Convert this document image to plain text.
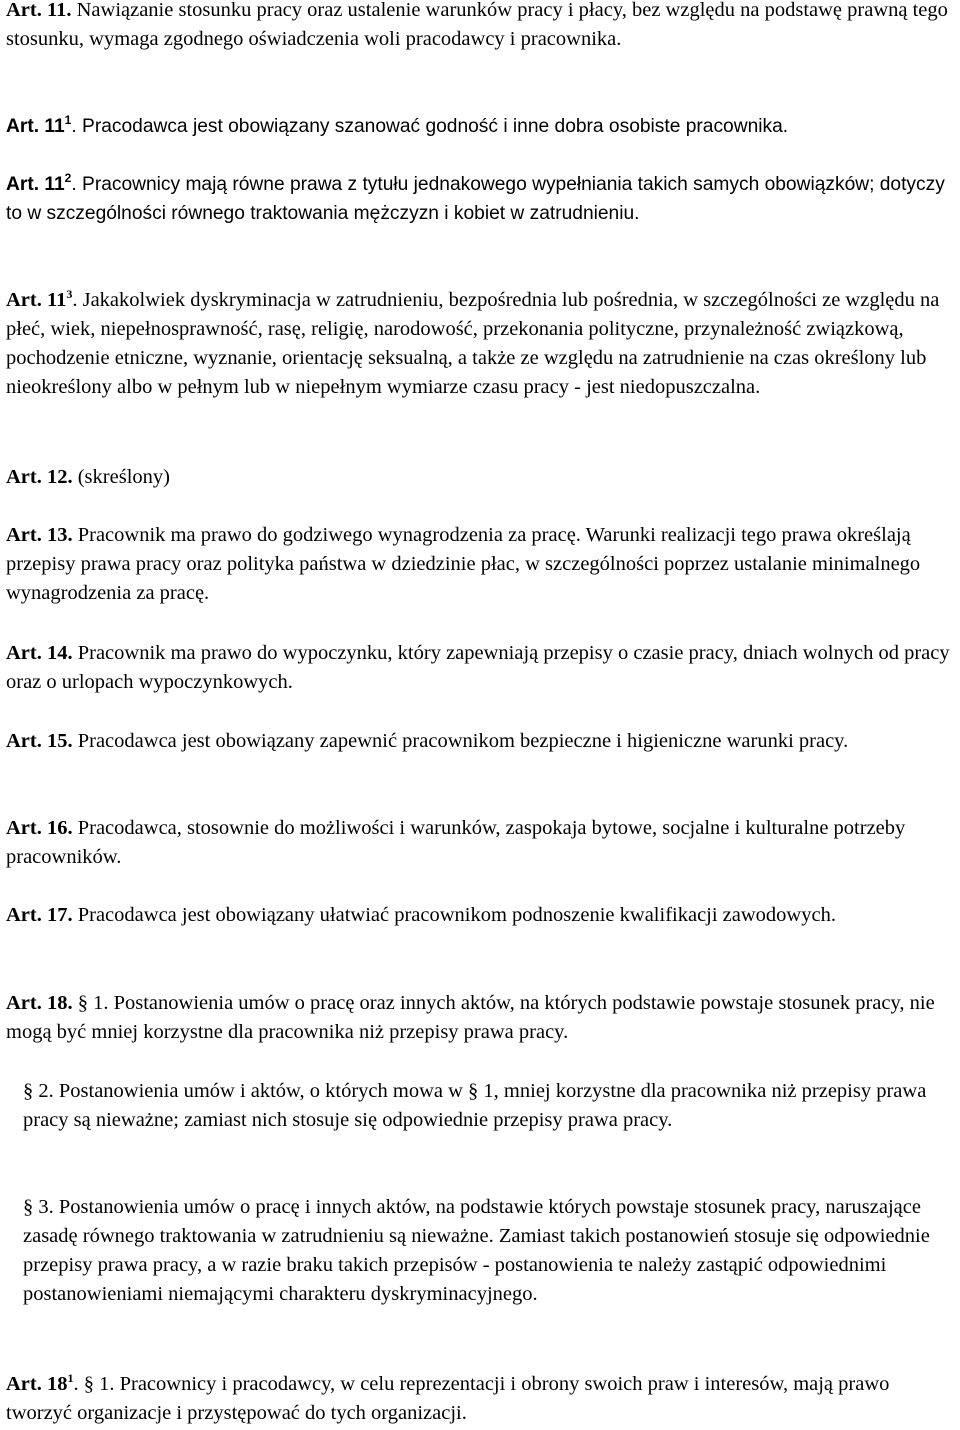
Art. 11. Nawiązanie stosunku pracy oraz ustalenie warunków pracy i płacy, bez względu na podstawę prawną tego stosunku, wymaga zgodnego oświadczenia woli pracodawcy i pracownika.

Art. $11^1$. Pracodawca jest obowiązany szanować godność i inne dobra osobiste pracownika.

Art. $11^2$. Pracownicy mają równe prawa z tytułu jednakowego wypełniania takich samych obowiązków; dotyczy to w szczególności równego traktowania mężczyzn i kobiet w zatrudnieniu.

Art. $11^3$. Jakakolwiek dyskryminacja w zatrudnieniu, bezpośrednia lub pośrednia, w szczególności ze względu na płeć, wiek, niepełnosprawność, rasę, religię, narodowość, przekonania polityczne, przynależność związkową, pochodzenie etniczne, wyznanie, orientację seksualną, a także ze względu na zatrudnienie na czas określony lub nieokreślony albo w pełnym lub w niepełnym wymiarze czasu pracy - jest niedopuszczalna.

Art. 12. (skreślony)

Art. 13. Pracownik ma prawo do godziwego wynagrodzenia za pracę. Warunki realizacji tego prawa określają przepisy prawa pracy oraz polityka państwa w dziedzinie płac, w szczególności poprzez ustalanie minimalnego wynagrodzenia za pracę.

Art. 14. Pracownik ma prawo do wypoczynku, który zapewniają przepisy o czasie pracy, dniach wolnych od pracy oraz o urlopach wypoczynkowych.

Art. 15. Pracodawca jest obowiązany zapewnić pracownikom bezpieczne i higieniczne warunki pracy.

Art. 16. Pracodawca, stosownie do możliwości i warunków, zaspokaja bytowe, socjalne i kulturalne potrzeby pracowników.

Art. 17. Pracodawca jest obowiązany ułatwiać pracownikom podnoszenie kwalifikacji zawodowych.

Art. 18. § 1. Postanowienia umów o pracę oraz innych aktów, na których podstawie powstaje stosunek pracy, nie mogą być mniej korzystne dla pracownika niż przepisy prawa pracy.

§ 2. Postanowienia umów i aktów, o których mowa w § 1, mniej korzystne dla pracownika niż przepisy prawa pracy są nieważne; zamiast nich stosuje się odpowiednie przepisy prawa pracy.

§ 3. Postanowienia umów o pracę i innych aktów, na podstawie których powstaje stosunek pracy, naruszające zasadę równego traktowania w zatrudnieniu są nieważne. Zamiast takich postanowień stosuje się odpowiednie przepisy prawa pracy, a w razie braku takich przepisów - postanowienia te należy zastąpić odpowiednimi postanowieniami niemającymi charakteru dyskryminacyjnego.

Art. $18^1$. § 1. Pracownicy i pracodawcy, w celu reprezentacji i obrony swoich praw i interesów, mają prawo tworzyć organizacje i przystępować do tych organizacji.
